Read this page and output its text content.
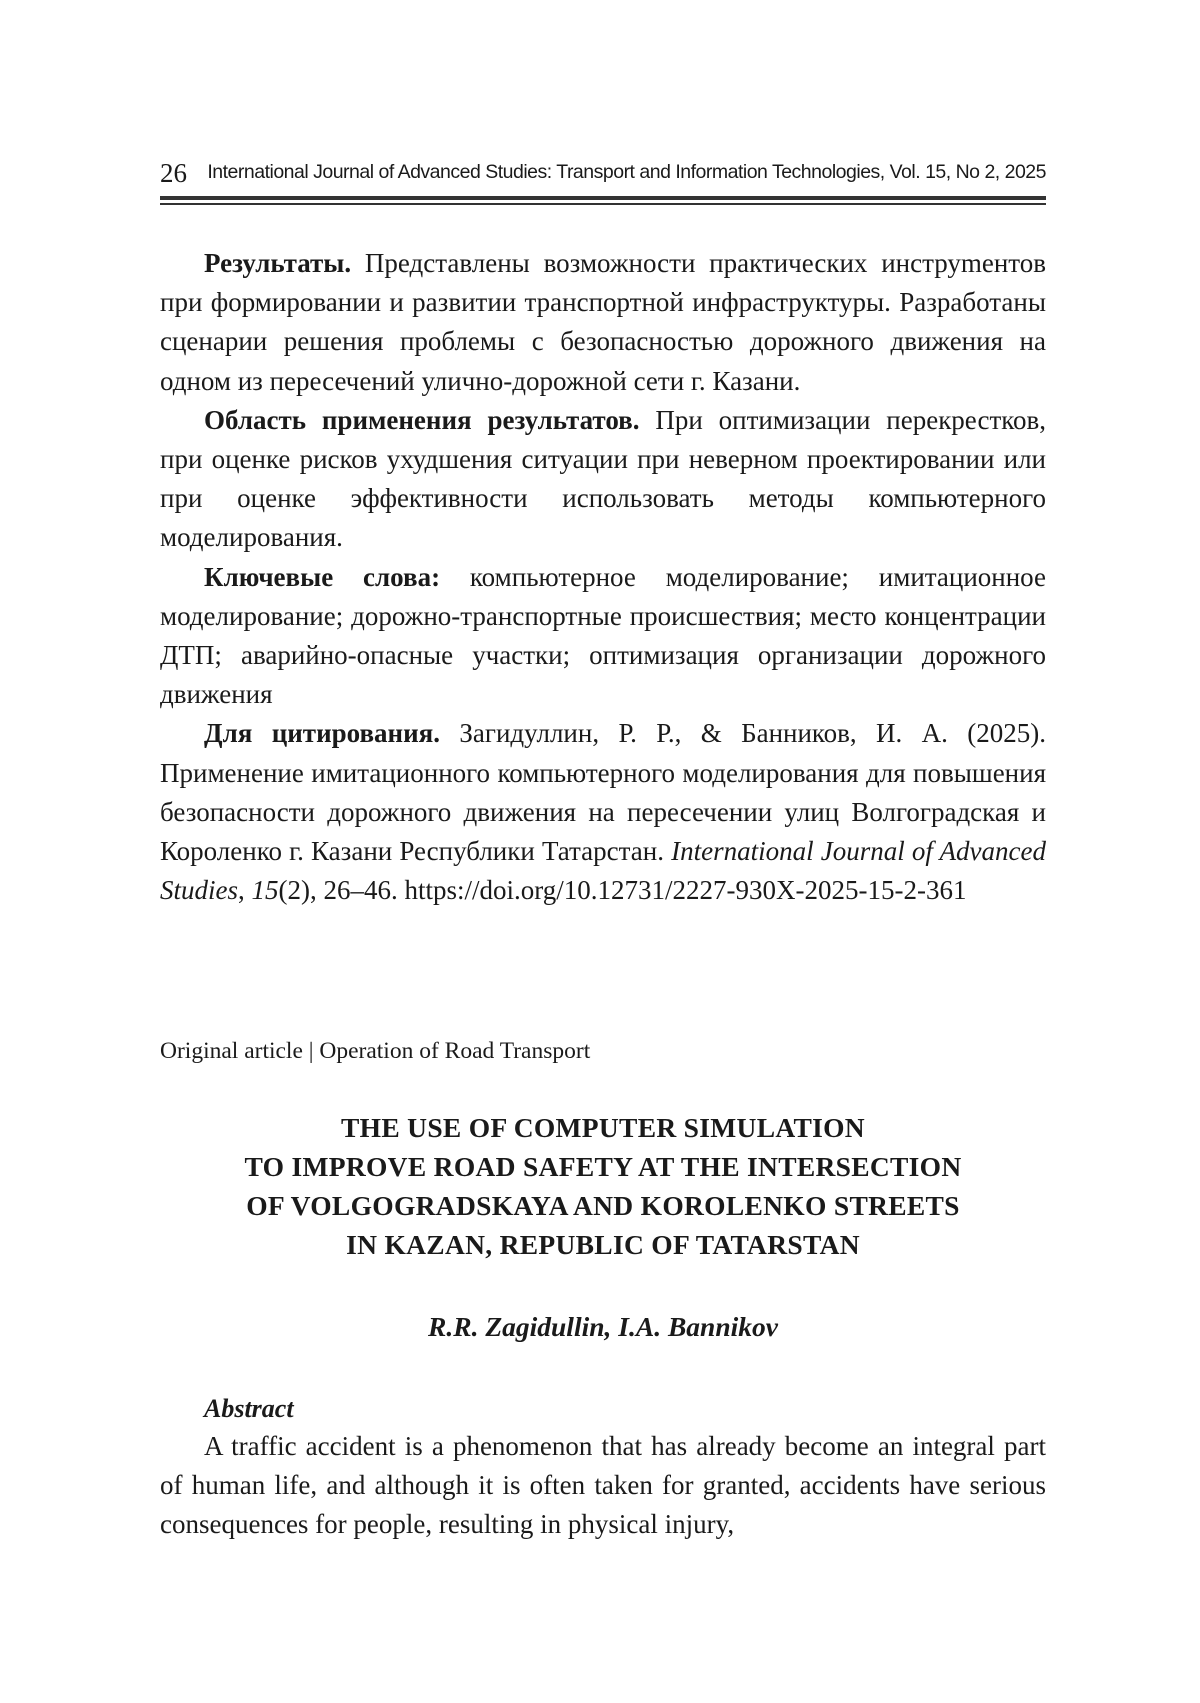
26 International Journal of Advanced Studies: Transport and Information Technologies, Vol. 15, No 2, 2025

Результаты. Представлены возможности практических инструmентов при формировании и развитии транспортной инфраструктуры. Разработаны сценарии решения проблемы с безопасностью дорожного движения на одном из пересечений улично-дорожной сети г. Казани.

Область применения результатов. При оптимизации перекрестков, при оценке рисков ухудшения ситуации при неверном проектировании или при оценке эффективности использовать методы компьютерного моделирования.

Ключевые слова: компьютерное моделирование; имитационное моделирование; дорожно-транспортные происшествия; место концентрации ДТП; аварийно-опасные участки; оптимизация организации дорожного движения

Для цитирования. Загидуллин, Р. Р., & Банников, И. А. (2025). Применение имитационного компьютерного моделирования для повышения безопасности дорожного движения на пересечении улиц Волгоградская и Короленко г. Казани Республики Татарстан. International Journal of Advanced Studies, 15(2), 26–46. https://doi.org/10.12731/2227-930X-2025-15-2-361

Original article | Operation of Road Transport
THE USE OF COMPUTER SIMULATION
TO IMPROVE ROAD SAFETY AT THE INTERSECTION
OF VOLGOGRADSKAYA AND KOROLENKO STREETS
IN KAZAN, REPUBLIC OF TATARSTAN
R.R. Zagidullin, I.A. Bannikov
Abstract

A traffic accident is a phenomenon that has already become an integral part of human life, and although it is often taken for granted, accidents have serious consequences for people, resulting in physical injury,
